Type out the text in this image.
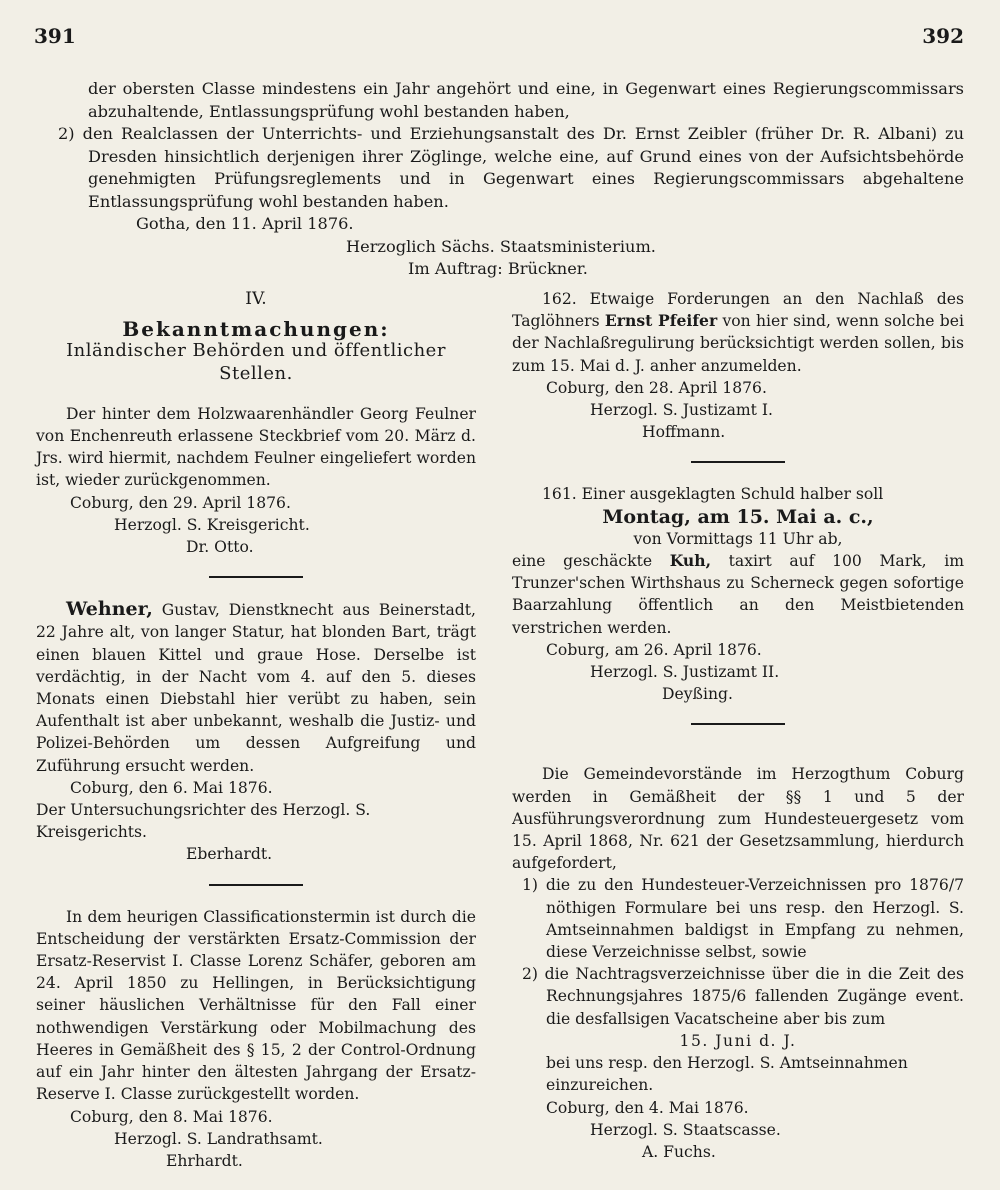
391	392

der obersten Classe mindestens ein Jahr angehört und eine, in Gegenwart eines Regierungscommissars abzuhaltende, Entlassungsprüfung wohl bestanden haben,

2) den Realclassen der Unterrichts- und Erziehungsanstalt des Dr. Ernst Zeibler (früher Dr. R. Albani) zu Dresden hinsichtlich derjenigen ihrer Zöglinge, welche eine, auf Grund eines von der Aufsichtsbehörde genehmigten Prüfungsreglements und in Gegenwart eines Regierungscommissars abgehaltene Entlassungsprüfung wohl bestanden haben.

Gotha, den 11. April 1876.

Herzoglich Sächs. Staatsministerium.

Im Auftrag: Brückner.

IV.

Bekanntmachungen:

Inländischer Behörden und öffentlicher Stellen.

Der hinter dem Holzwaarenhändler Georg Feulner von Enchenreuth erlassene Steckbrief vom 20. März d. Jrs. wird hiermit, nachdem Feulner eingeliefert worden ist, wieder zurückgenommen.

Coburg, den 29. April 1876.

Herzogl. S. Kreisgericht.

Dr. Otto.

Wehner, Gustav, Dienstknecht aus Beinerstadt, 22 Jahre alt, von langer Statur, hat blonden Bart, trägt einen blauen Kittel und graue Hose. Derselbe ist verdächtig, in der Nacht vom 4. auf den 5. dieses Monats einen Diebstahl hier verübt zu haben, sein Aufenthalt ist aber unbekannt, weshalb die Justiz- und Polizei-Behörden um dessen Aufgreifung und Zuführung ersucht werden.

Coburg, den 6. Mai 1876.

Der Untersuchungsrichter des Herzogl. S. Kreisgerichts.

Eberhardt.

In dem heurigen Classificationstermin ist durch die Entscheidung der verstärkten Ersatz-Commission der Ersatz-Reservist I. Classe Lorenz Schäfer, geboren am 24. April 1850 zu Hellingen, in Berücksichtigung seiner häuslichen Verhältnisse für den Fall einer nothwendigen Verstärkung oder Mobilmachung des Heeres in Gemäßheit des § 15, 2 der Control-Ordnung auf ein Jahr hinter den ältesten Jahrgang der Ersatz-Reserve I. Classe zurückgestellt worden.

Coburg, den 8. Mai 1876.

Herzogl. S. Landrathsamt.

Ehrhardt.

162. Etwaige Forderungen an den Nachlaß des Taglöhners Ernst Pfeifer von hier sind, wenn solche bei der Nachlaßregulirung berücksichtigt werden sollen, bis zum 15. Mai d. J. anher anzumelden.

Coburg, den 28. April 1876.

Herzogl. S. Justizamt I.

Hoffmann.

161. Einer ausgeklagten Schuld halber soll

Montag, am 15. Mai a. c.,

von Vormittags 11 Uhr ab,

eine geschäckte Kuh, taxirt auf 100 Mark, im Trunzer'schen Wirthshaus zu Scherneck gegen sofortige Baarzahlung öffentlich an den Meistbietenden verstrichen werden.

Coburg, am 26. April 1876.

Herzogl. S. Justizamt II.

Deyßing.

Die Gemeindevorstände im Herzogthum Coburg werden in Gemäßheit der §§ 1 und 5 der Ausführungsverordnung zum Hundesteuergesetz vom 15. April 1868, Nr. 621 der Gesetzsammlung, hierdurch aufgefordert,

1) die zu den Hundesteuer-Verzeichnissen pro 1876/7 nöthigen Formulare bei uns resp. den Herzogl. S. Amtseinnahmen baldigst in Empfang zu nehmen, diese Verzeichnisse selbst, sowie

2) die Nachtragsverzeichnisse über die in die Zeit des Rechnungsjahres 1875/6 fallenden Zugänge event. die desfallsigen Vacatscheine aber bis zum

15. Juni d. J.

bei uns resp. den Herzogl. S. Amtseinnahmen einzureichen.

Coburg, den 4. Mai 1876.

Herzogl. S. Staatscasse.

A. Fuchs.
